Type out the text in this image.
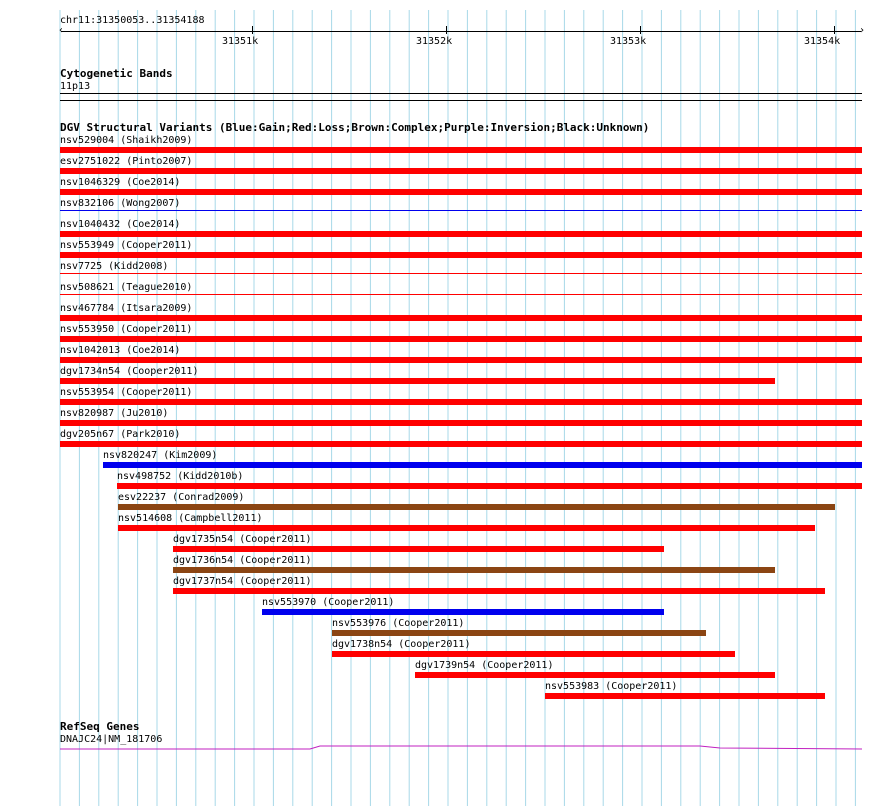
chr11:31350053..31354188
‹	›
31351k	31352k	31353k	31354k
Cytogenetic Bands
11p13
DGV Structural Variants (Blue:Gain;Red:Loss;Brown:Complex;Purple:Inversion;Black:Unknown)
nsv529004 (Shaikh2009)
esv2751022 (Pinto2007)
nsv1046329 (Coe2014)
nsv832106 (Wong2007)
nsv1040432 (Coe2014)
nsv553949 (Cooper2011)
nsv7725 (Kidd2008)
nsv508621 (Teague2010)
nsv467784 (Itsara2009)
nsv553950 (Cooper2011)
nsv1042013 (Coe2014)
dgv1734n54 (Cooper2011)
nsv553954 (Cooper2011)
nsv820987 (Ju2010)
dgv205n67 (Park2010)
nsv820247 (Kim2009)
nsv498752 (Kidd2010b)
esv22237 (Conrad2009)
nsv514608 (Campbell2011)
dgv1735n54 (Cooper2011)
dgv1736n54 (Cooper2011)
dgv1737n54 (Cooper2011)
nsv553970 (Cooper2011)
nsv553976 (Cooper2011)
dgv1738n54 (Cooper2011)
dgv1739n54 (Cooper2011)
nsv553983 (Cooper2011)
RefSeq Genes
DNAJC24|NM_181706
